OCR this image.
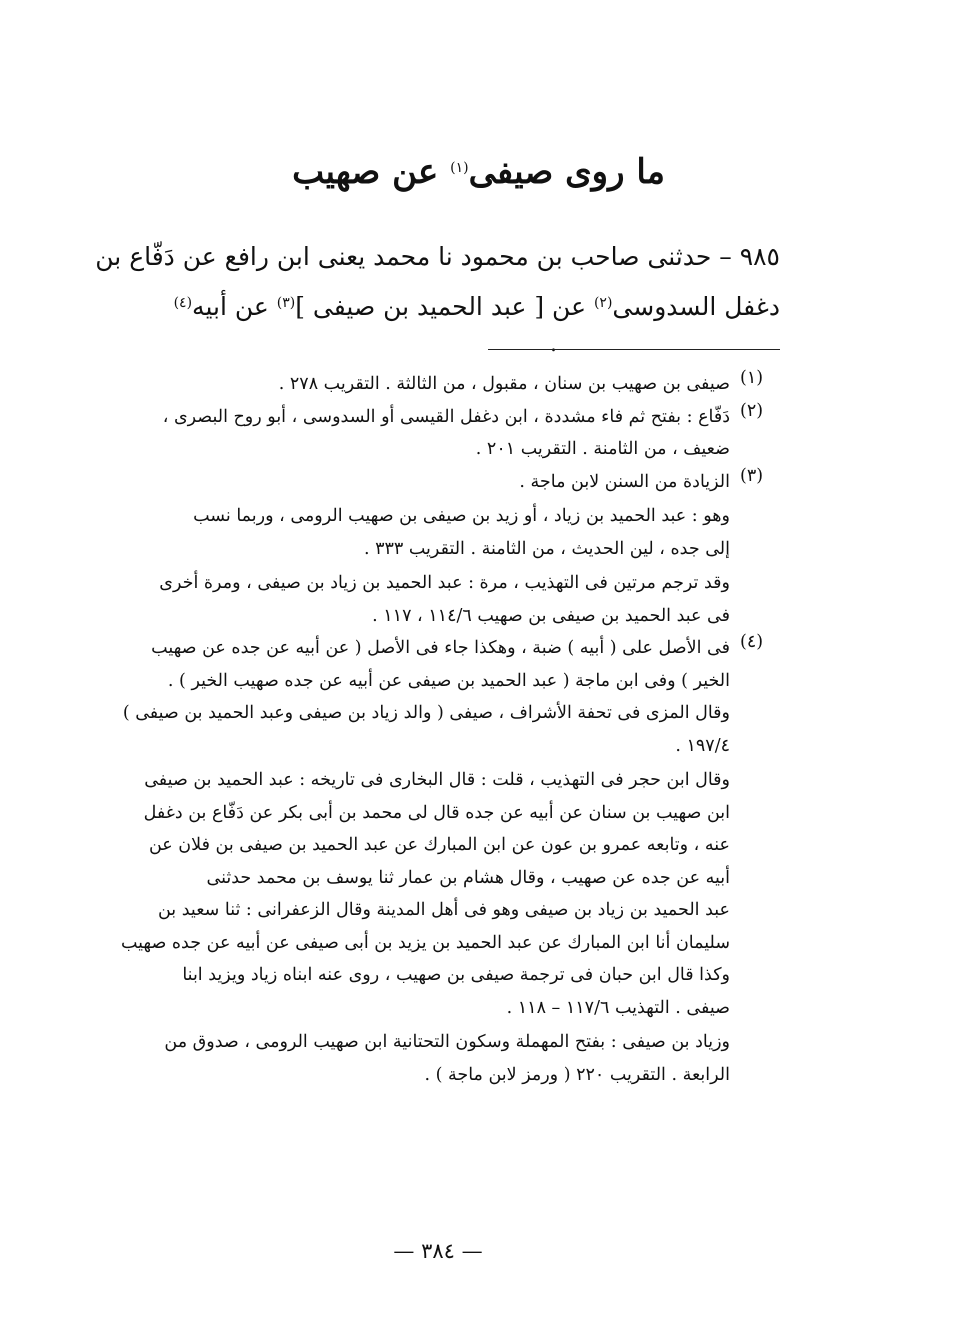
ما روى صيفى$^{(١)}$ عن صهيب
٩٨٥ – حدثنى صاحب بن محمود نا محمد يعنى ابن رافع عن دَفّاع بن
دغفل السدوسى$^{(٢)}$ عن [ عبد الحميد بن صيفى ]$^{(٣)}$ عن أبيه$^{(٤)}$
.
(١)

صيفى بن صهيب بن سنان ، مقبول ، من الثالثة . التقريب ٢٧٨ .

(٢)

دَفّاع : بفتح ثم فاء مشددة ، ابن دغفل القيسى أو السدوسى ، أبو روح البصرى ،

ضعيف ، من الثامنة . التقريب ٢٠١ .

(٣)

الزيادة من السنن لابن ماجة .

وهو : عبد الحميد بن زياد ، أو زيد بن صيفى بن صهيب الرومى ، وربما نسب

إلى جده ، لين الحديث ، من الثامنة . التقريب ٣٣٣ .

وقد ترجم مرتين فى التهذيب ، مرة : عبد الحميد بن زياد بن صيفى ، ومرة أخرى

فى عبد الحميد بن صيفى بن صهيب ١١٤/٦ ، ١١٧ .

(٤)

فى الأصل على ( أبيه ) ضبة ، وهكذا جاء فى الأصل ( عن أبيه عن جده عن صهيب

الخير ) وفى ابن ماجة ( عبد الحميد بن صيفى عن أبيه عن جده صهيب الخير ) .

وقال المزى فى تحفة الأشراف ، صيفى ( والد زياد بن صيفى وعبد الحميد بن صيفى )

١٩٧/٤ .

وقال ابن حجر فى التهذيب ، قلت : قال البخارى فى تاريخه : عبد الحميد بن صيفى

ابن صهيب بن سنان عن أبيه عن جده قال لى محمد بن أبى بكر عن دَفّاع بن دغفل

عنه ، وتابعه عمرو بن عون عن ابن المبارك عن عبد الحميد بن صيفى بن فلان عن

أبيه عن جده عن صهيب ، وقال هشام بن عمار ثنا يوسف بن محمد حدثنى

عبد الحميد بن زياد بن صيفى وهو فى أهل المدينة وقال الزعفرانى : ثنا سعيد بن

سليمان أنا ابن المبارك عن عبد الحميد بن يزيد بن أبى صيفى عن أبيه عن جده صهيب

وكذا قال ابن حبان فى ترجمة صيفى بن صهيب ، روى عنه ابناه زياد ويزيد ابنا

صيفى . التهذيب ١١٧/٦ – ١١٨ .

وزياد بن صيفى : بفتح المهملة وسكون التحتانية ابن صهيب الرومى ، صدوق من

الرابعة . التقريب ٢٢٠ ( ورمز لابن ماجة ) .

— ٣٨٤ —
